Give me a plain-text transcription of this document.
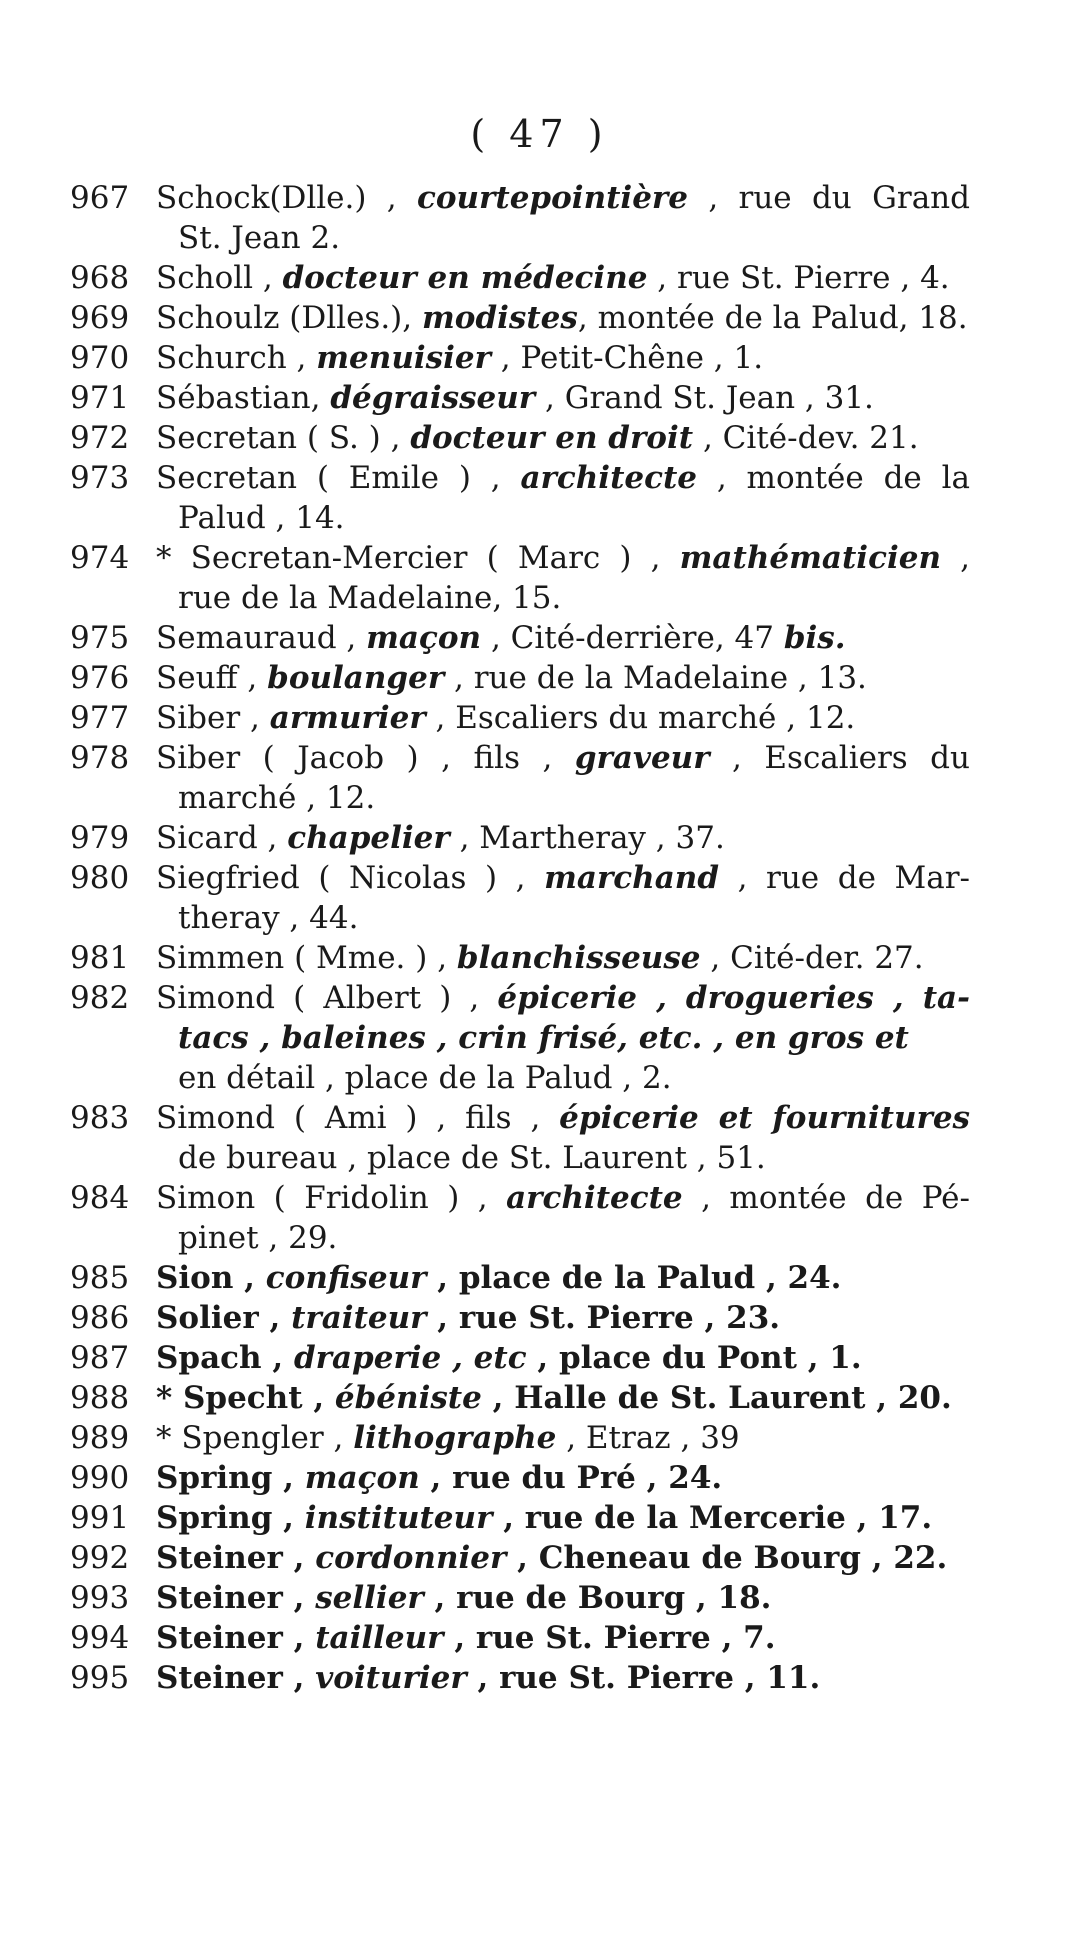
( 47 )
967 Schock(Dlle.) , courtepointière , rue du Grand
St. Jean 2.
968 Scholl , docteur en médecine , rue St. Pierre , 4.
969 Schoulz (Dlles.), modistes, montée de la Palud, 18.
970 Schurch , menuisier , Petit-Chêne , 1.
971 Sébastian, dégraisseur , Grand St. Jean , 31.
972 Secretan ( S. ) , docteur en droit , Cité-dev. 21.
973 Secretan ( Emile ) , architecte , montée de la
Palud , 14.
974 * Secretan-Mercier ( Marc ) , mathématicien ,
rue de la Madelaine, 15.
975 Semauraud , maçon , Cité-derrière, 47 bis.
976 Seuff , boulanger , rue de la Madelaine , 13.
977 Siber , armurier , Escaliers du marché , 12.
978 Siber ( Jacob ) , fils , graveur , Escaliers du
marché , 12.
979 Sicard , chapelier , Martheray , 37.
980 Siegfried ( Nicolas ) , marchand , rue de Mar-
theray , 44.
981 Simmen ( Mme. ) , blanchisseuse , Cité-der. 27.
982 Simond ( Albert ) , épicerie , drogueries , ta-
tacs , baleines , crin frisé, etc. , en gros et
en détail , place de la Palud , 2.
983 Simond ( Ami ) , fils , épicerie et fournitures
de bureau , place de St. Laurent , 51.
984 Simon ( Fridolin ) , architecte , montée de Pé-
pinet , 29.
985 Sion , confiseur , place de la Palud , 24.
986 Solier , traiteur , rue St. Pierre , 23.
987 Spach , draperie , etc , place du Pont , 1.
988 * Specht , ébéniste , Halle de St. Laurent , 20.
989 * Spengler , lithographe , Etraz , 39
990 Spring , maçon , rue du Pré , 24.
991 Spring , instituteur , rue de la Mercerie , 17.
992 Steiner , cordonnier , Cheneau de Bourg , 22.
993 Steiner , sellier , rue de Bourg , 18.
994 Steiner , tailleur , rue St. Pierre , 7.
995 Steiner , voiturier , rue St. Pierre , 11.
